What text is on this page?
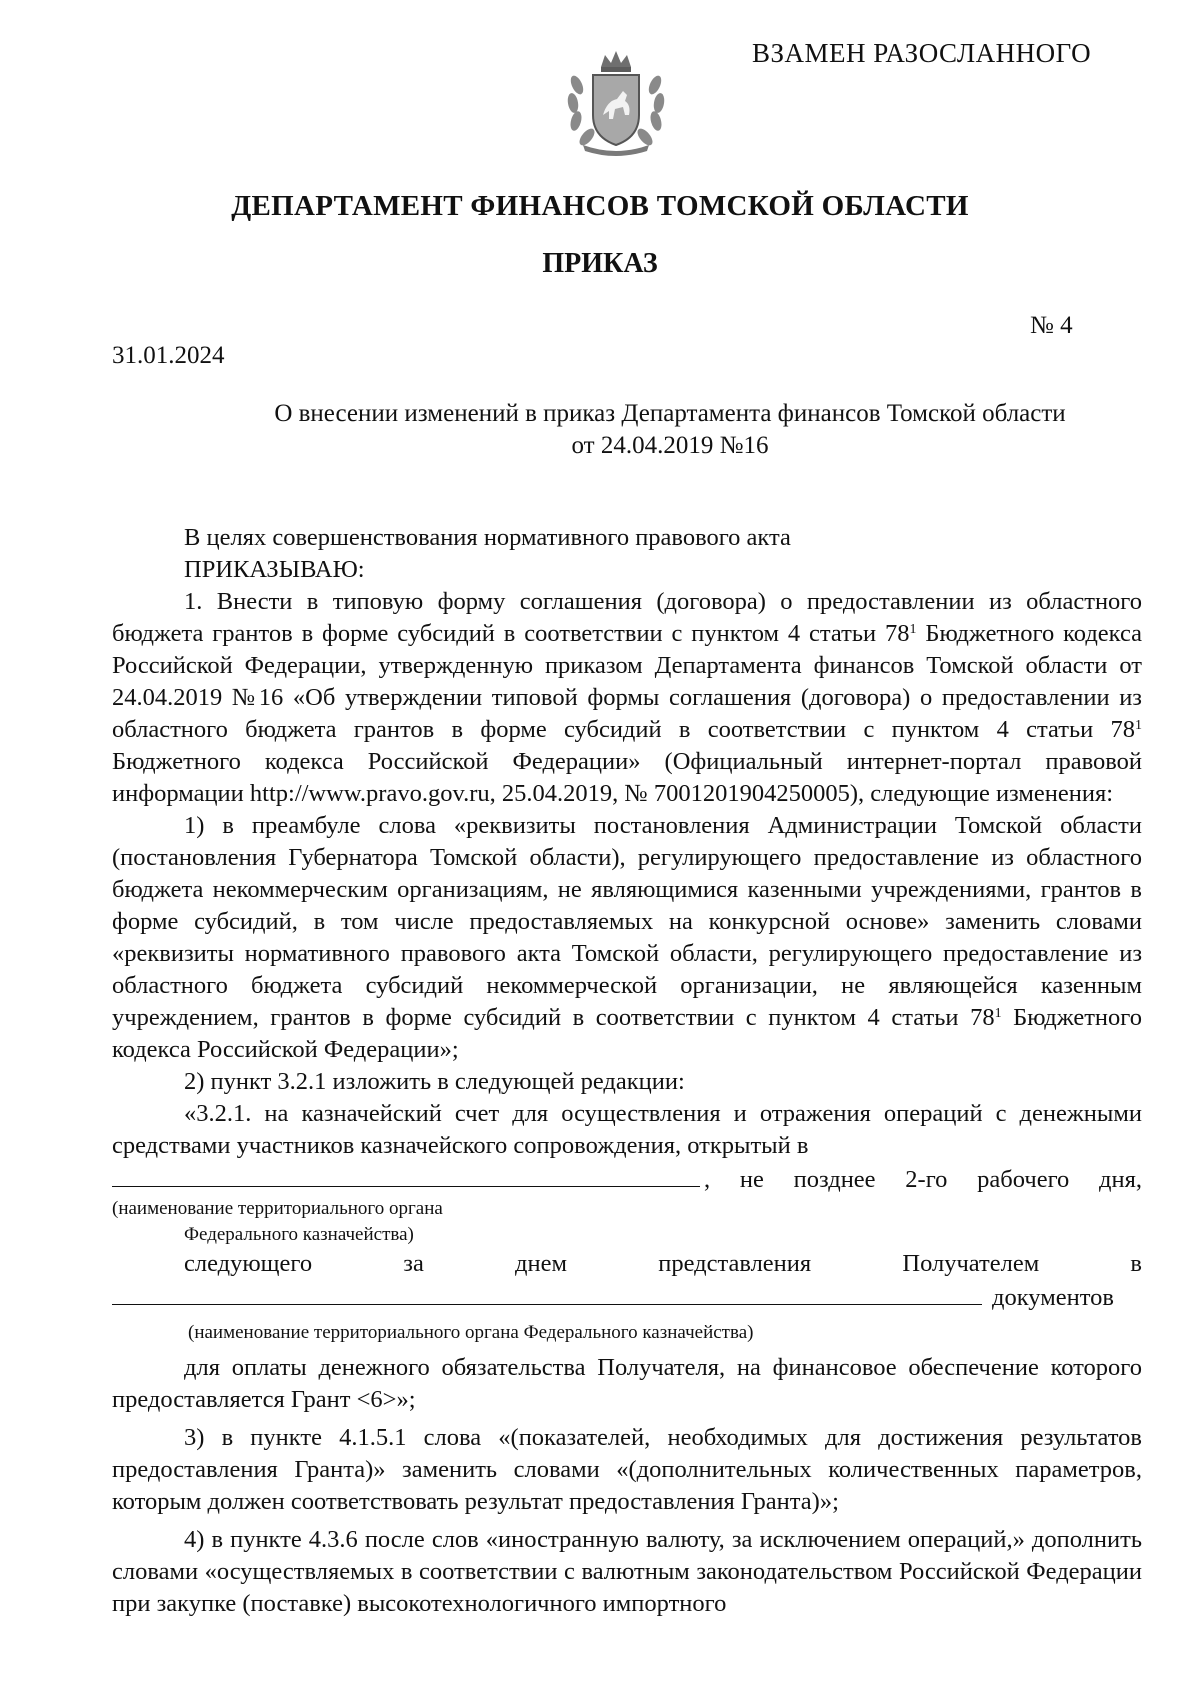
ВЗАМЕН РАЗОСЛАННОГО
ДЕПАРТАМЕНТ ФИНАНСОВ ТОМСКОЙ ОБЛАСТИ
ПРИКАЗ
№ 4
31.01.2024
О внесении изменений в приказ Департамента финансов Томской области
от 24.04.2019 №16

В целях совершенствования нормативного правового акта

ПРИКАЗЫВАЮ:

1. Внести в типовую форму соглашения (договора) о предоставлении из областного бюджета грантов в форме субсидий в соответствии с пунктом 4 статьи $78^1$ Бюджетного кодекса Российской Федерации, утвержденную приказом Департамента финансов Томской области от 24.04.2019 №16 «Об утверждении типовой формы соглашения (договора) о предоставлении из областного бюджета грантов в форме субсидий в соответствии с пунктом 4 статьи $78^1$ Бюджетного кодекса Российской Федерации» (Официальный интернет-портал правовой информации http://www.pravo.gov.ru, 25.04.2019, № 7001201904250005), следующие изменения:

1) в преамбуле слова «реквизиты постановления Администрации Томской области (постановления Губернатора Томской области), регулирующего предоставление из областного бюджета некоммерческим организациям, не являющимися казенными учреждениями, грантов в форме субсидий, в том числе предоставляемых на конкурсной основе» заменить словами «реквизиты нормативного правового акта Томской области, регулирующего предоставление из областного бюджета субсидий некоммерческой организации, не являющейся казенным учреждением, грантов в форме субсидий в соответствии с пунктом 4 статьи $78^1$ Бюджетного кодекса Российской Федерации»;

2) пункт 3.2.1 изложить в следующей редакции:

«3.2.1. на казначейский счет для осуществления и отражения операций с денежными средствами участников казначейского сопровождения, открытый в

, не позднее 2-го рабочего дня,
(наименование территориального органа
Федерального казначейства)
следующего	за	днем	представления	Получателем	в
документов
(наименование территориального органа Федерального казначейства)

для оплаты денежного обязательства Получателя, на финансовое обеспечение которого предоставляется Грант <6>»;

3) в пункте 4.1.5.1 слова «(показателей, необходимых для достижения результатов предоставления Гранта)» заменить словами «(дополнительных количественных параметров, которым должен соответствовать результат предоставления Гранта)»;

4) в пункте 4.3.6 после слов «иностранную валюту, за исключением операций,» дополнить словами «осуществляемых в соответствии с валютным законодательством Российской Федерации при закупке (поставке) высокотехнологичного импортного
